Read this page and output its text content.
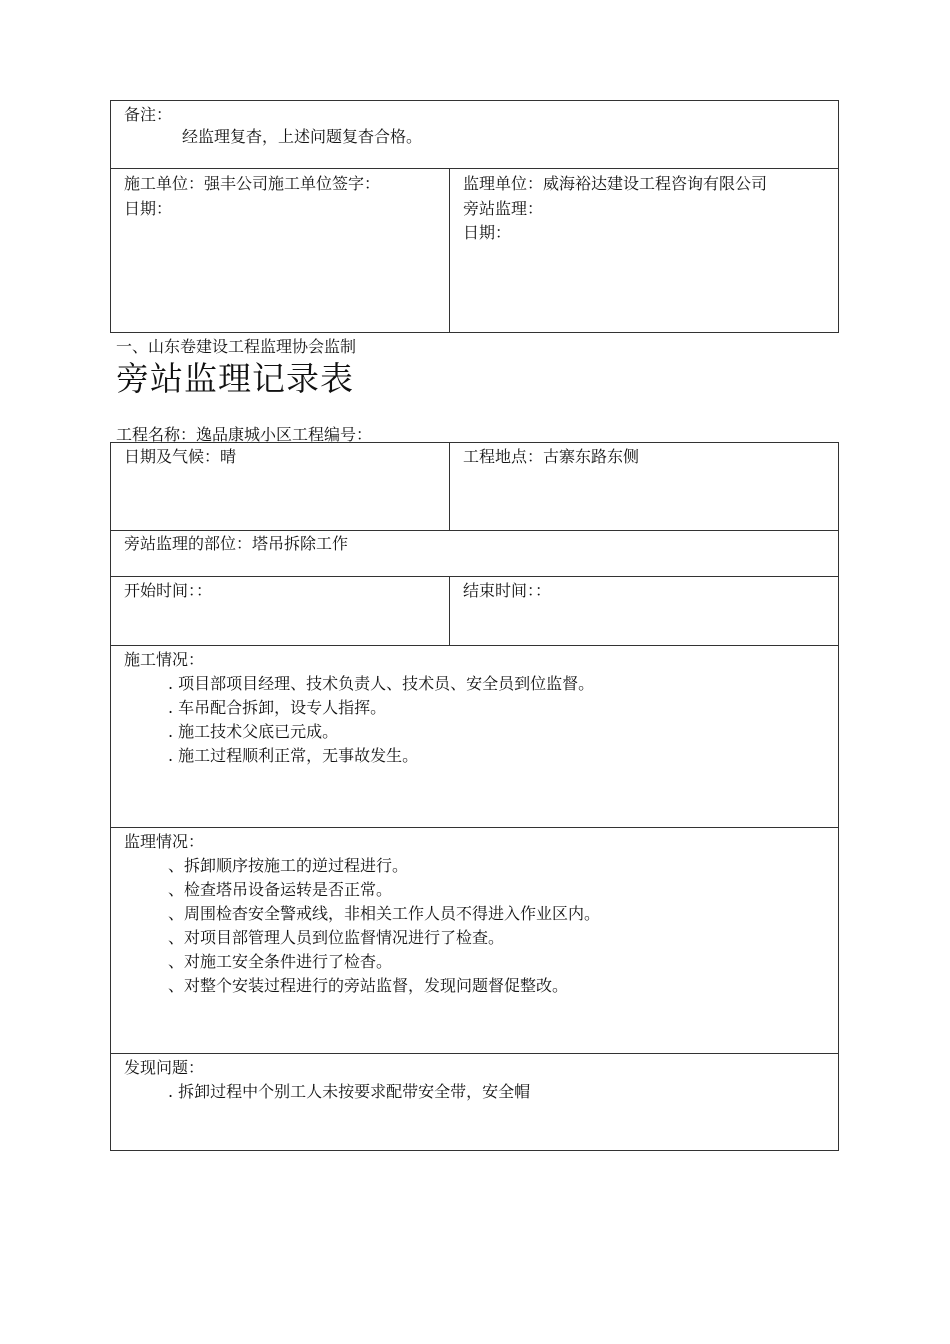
备注：
经监理复杳，上述问题复杳合格。
施工单位：强丰公司施工单位签字：
日期：
监理单位：威海裕达建设工程咨询有限公司
旁站监理：
日期：
一、山东卷建设工程监理协会监制
旁站监理记录表
工程名称：逸品康城小区工程编号：
日期及气候：晴	工程地点：古寨东路东侧
旁站监理的部位：塔吊拆除工作
开始时间：：	结束时间：：
施工情况：
. 项目部项目经理、技术负责人、技术员、安全员到位监督。
. 车吊配合拆卸，设专人指挥。
. 施工技术父底已元成。
. 施工过程顺利正常，无事故发生。
监理情况：
、拆卸顺序按施工的逆过程进行。
、检查塔吊设备运转是否正常。
、周围检杳安全警戒线，非相关工作人员不得进入作业区内。
、对项目部管理人员到位监督情况进行了检查。
、对施工安全条件进行了检杳。
、对整个安装过程进行的旁站监督，发现问题督促整改。
发现问题：
. 拆卸过程中个别工人未按要求配带安全带，安全帽
